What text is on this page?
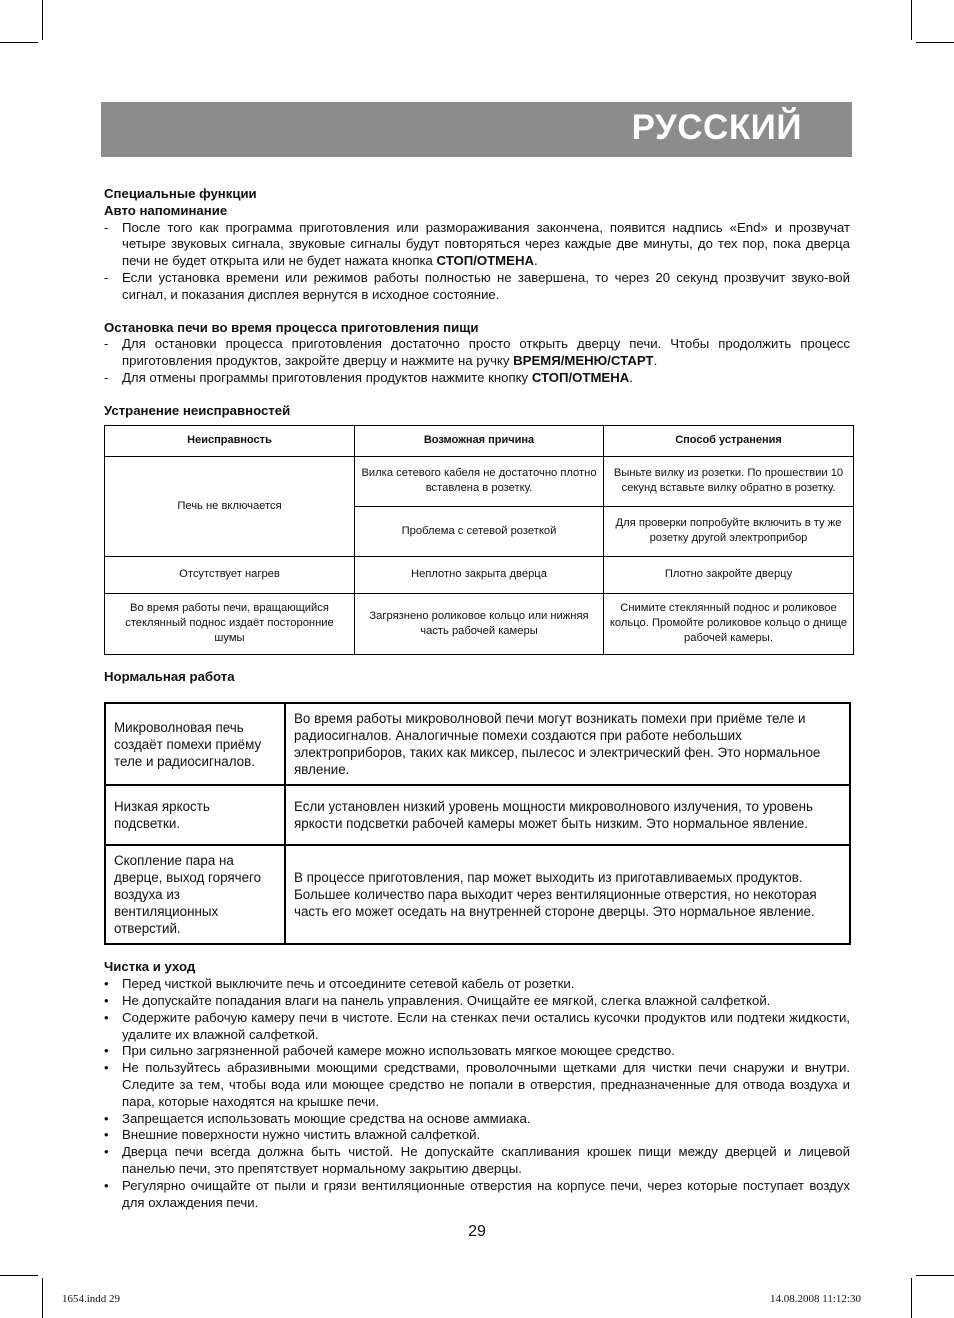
РУССКИЙ

Специальные функции

Авто напоминание

- После того как программа приготовления или размораживания закончена, появится надпись «End» и прозвучат четыре звуковых сигнала, звуковые сигналы будут повторяться через каждые две минуты, до тех пор, пока дверца печи не будет открыта или не будет нажата кнопка СТОП/ОТМЕНА.
- Если установка времени или режимов работы полностью не завершена, то через 20 секунд прозвучит звуко-вой сигнал, и показания дисплея вернутся в исходное состояние.

Остановка печи во время процесса приготовления пищи

- Для остановки процесса приготовления достаточно просто открыть дверцу печи. Чтобы продолжить процесс приготовления продуктов, закройте дверцу и нажмите на ручку ВРЕМЯ/МЕНЮ/СТАРТ.
- Для отмены программы приготовления продуктов нажмите кнопку СТОП/ОТМЕНА.

Устранение неисправностей

Неисправность	Возможная причина	Способ устранения
Печь не включается	Вилка сетевого кабеля не достаточно плотно вставлена в розетку.	Выньте вилку из розетки. По прошествии 10 секунд вставьте вилку обратно в розетку.
	Проблема с сетевой розеткой	Для проверки попробуйте включить в ту же розетку другой электроприбор
Отсутствует нагрев	Неплотно закрыта дверца	Плотно закройте дверцу
Во время работы печи, вращающийся стеклянный поднос издаёт посторонние шумы	Загрязнено роликовое кольцо или нижняя часть рабочей камеры	Снимите стеклянный поднос и роликовое кольцо. Промойте роликовое кольцо о днище рабочей камеры.

Нормальная работа

Микроволновая печь создаёт помехи приёму теле и радиосигналов.	Во время работы микроволновой печи могут возникать помехи при приёме теле и радиосигналов. Аналогичные помехи создаются при работе небольших электроприборов, таких как миксер, пылесос и электрический фен. Это нормальное явление.
Низкая яркость подсветки.	Если установлен низкий уровень мощности микроволнового излучения, то уровень яркости подсветки рабочей камеры может быть низким. Это нормальное явление.
Скопление пара на дверце, выход горячего воздуха из вентиляционных отверстий.	В процессе приготовления, пар может выходить из приготавливаемых продуктов. Большее количество пара выходит через вентиляционные отверстия, но некоторая часть его может оседать на внутренней стороне дверцы. Это нормальное явление.

Чистка и уход

• Перед чисткой выключите печь и отсоедините сетевой кабель от розетки.
• Не допускайте попадания влаги на панель управления. Очищайте ее мягкой, слегка влажной салфеткой.
• Содержите рабочую камеру печи в чистоте. Если на стенках печи остались кусочки продуктов или подтеки жидкости, удалите их влажной салфеткой.
• При сильно загрязненной рабочей камере можно использовать мягкое моющее средство.
• Не пользуйтесь абразивными моющими средствами, проволочными щетками для чистки печи снаружи и внутри. Следите за тем, чтобы вода или моющее средство не попали в отверстия, предназначенные для отвода воздуха и пара, которые находятся на крышке печи.
• Запрещается использовать моющие средства на основе аммиака.
• Внешние поверхности нужно чистить влажной салфеткой.
• Дверца печи всегда должна быть чистой. Не допускайте скапливания крошек пищи между дверцей и лицевой панелью печи, это препятствует нормальному закрытию дверцы.
• Регулярно очищайте от пыли и грязи вентиляционные отверстия на корпусе печи, через которые поступает воздух для охлаждения печи.
29
1654.indd 29	14.08.2008 11:12:30
